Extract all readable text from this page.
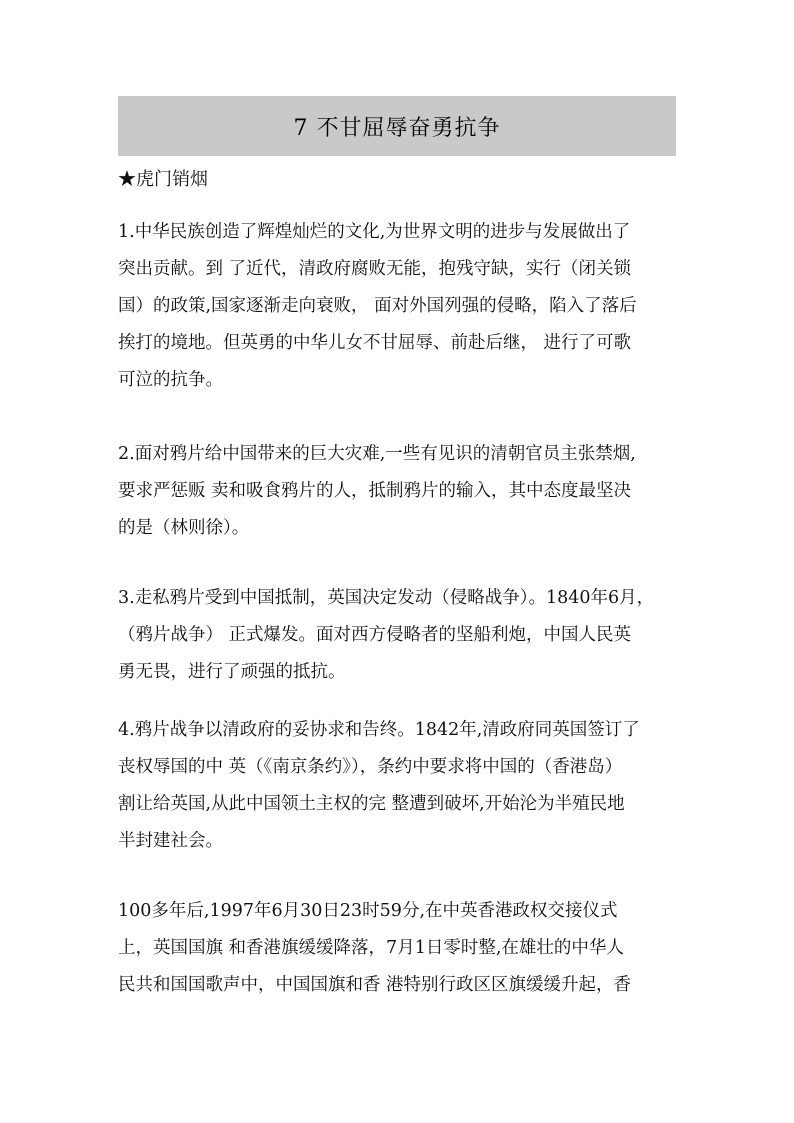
7 不甘屈辱奋勇抗争
★虎门销烟
1.中华民族创造了辉煌灿烂的文化,为世界文明的进步与发展做出了
突出贡献。到 了近代，清政府腐败无能，抱残守缺，实行（闭关锁
国）的政策,国家逐渐走向衰败， 面对外国列强的侵略，陷入了落后
挨打的境地。但英勇的中华儿女不甘屈辱、前赴后继， 进行了可歌
可泣的抗争。
2.面对鸦片给中国带来的巨大灾难,一些有见识的清朝官员主张禁烟,
要求严惩贩 卖和吸食鸦片的人，抵制鸦片的输入，其中态度最坚决
的是（林则徐）。
3.走私鸦片受到中国抵制，英国决定发动（侵略战争）。1840年6月，
（鸦片战争） 正式爆发。面对西方侵略者的坚船利炮，中国人民英
勇无畏，进行了顽强的抵抗。
4.鸦片战争以清政府的妥协求和告终。1842年,清政府同英国签订了
丧权辱国的中 英（《南京条约》），条约中要求将中国的（香港岛）
割让给英国,从此中国领土主权的完 整遭到破坏,开始沦为半殖民地
半封建社会。
100多年后,1997年6月30日23时59分,在中英香港政权交接仪式
上，英国国旗 和香港旗缓缓降落，7月1日零时整,在雄壮的中华人
民共和国国歌声中，中国国旗和香 港特别行政区区旗缓缓升起，香
